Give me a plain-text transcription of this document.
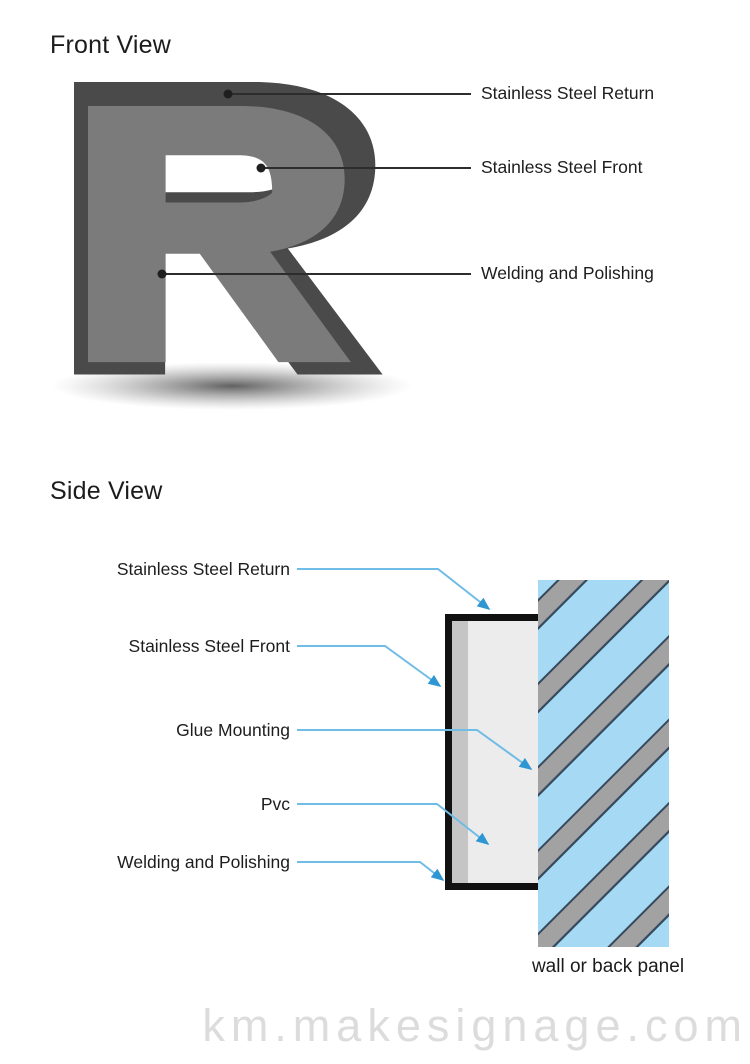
Front View
Stainless Steel Return
Stainless Steel Front
Welding and Polishing
Side View
Stainless Steel Return
Stainless Steel Front
Glue Mounting
Pvc
Welding and Polishing
wall or back panel
km.makesignage.com
